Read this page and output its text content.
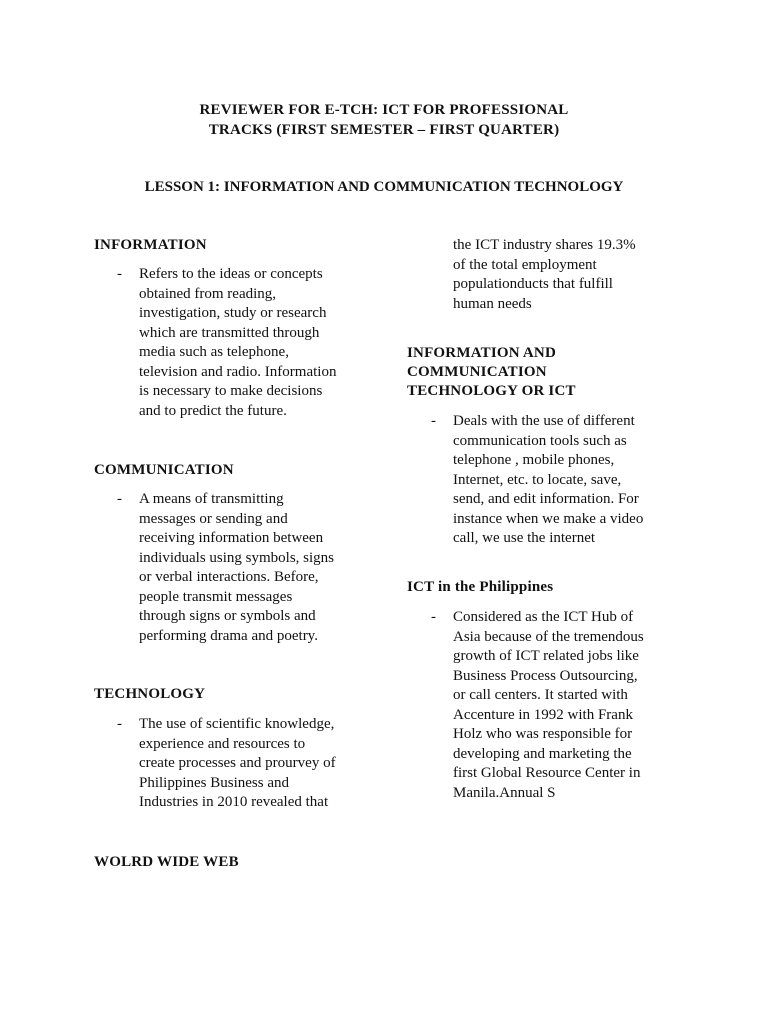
REVIEWER FOR E-TCH: ICT FOR PROFESSIONAL
TRACKS (FIRST SEMESTER – FIRST QUARTER)
LESSON 1: INFORMATION AND COMMUNICATION TECHNOLOGY
INFORMATION
-	Refers to the ideas or concepts
obtained from reading,
investigation, study or research
which are transmitted through
media such as telephone,
television and radio. Information
is necessary to make decisions
and to predict the future.
COMMUNICATION
-	A means of transmitting
messages or sending and
receiving information between
individuals using symbols, signs
or verbal interactions. Before,
people transmit messages
through signs or symbols and
performing drama and poetry.
TECHNOLOGY
-	The use of scientific knowledge,
experience and resources to
create processes and prourvey of
Philippines Business and
Industries in 2010 revealed that
WOLRD WIDE WEB
the ICT industry shares 19.3%
of the total employment
populationducts that fulfill
human needs
INFORMATION AND
COMMUNICATION
TECHNOLOGY OR ICT
-	Deals with the use of different
communication tools such as
telephone , mobile phones,
Internet, etc. to locate, save,
send, and edit information. For
instance when we make a video
call, we use the internet
ICT in the Philippines
-	Considered as the ICT Hub of
Asia because of the tremendous
growth of ICT related jobs like
Business Process Outsourcing,
or call centers. It started with
Accenture in 1992 with Frank
Holz who was responsible for
developing and marketing the
first Global Resource Center in
Manila.Annual S
